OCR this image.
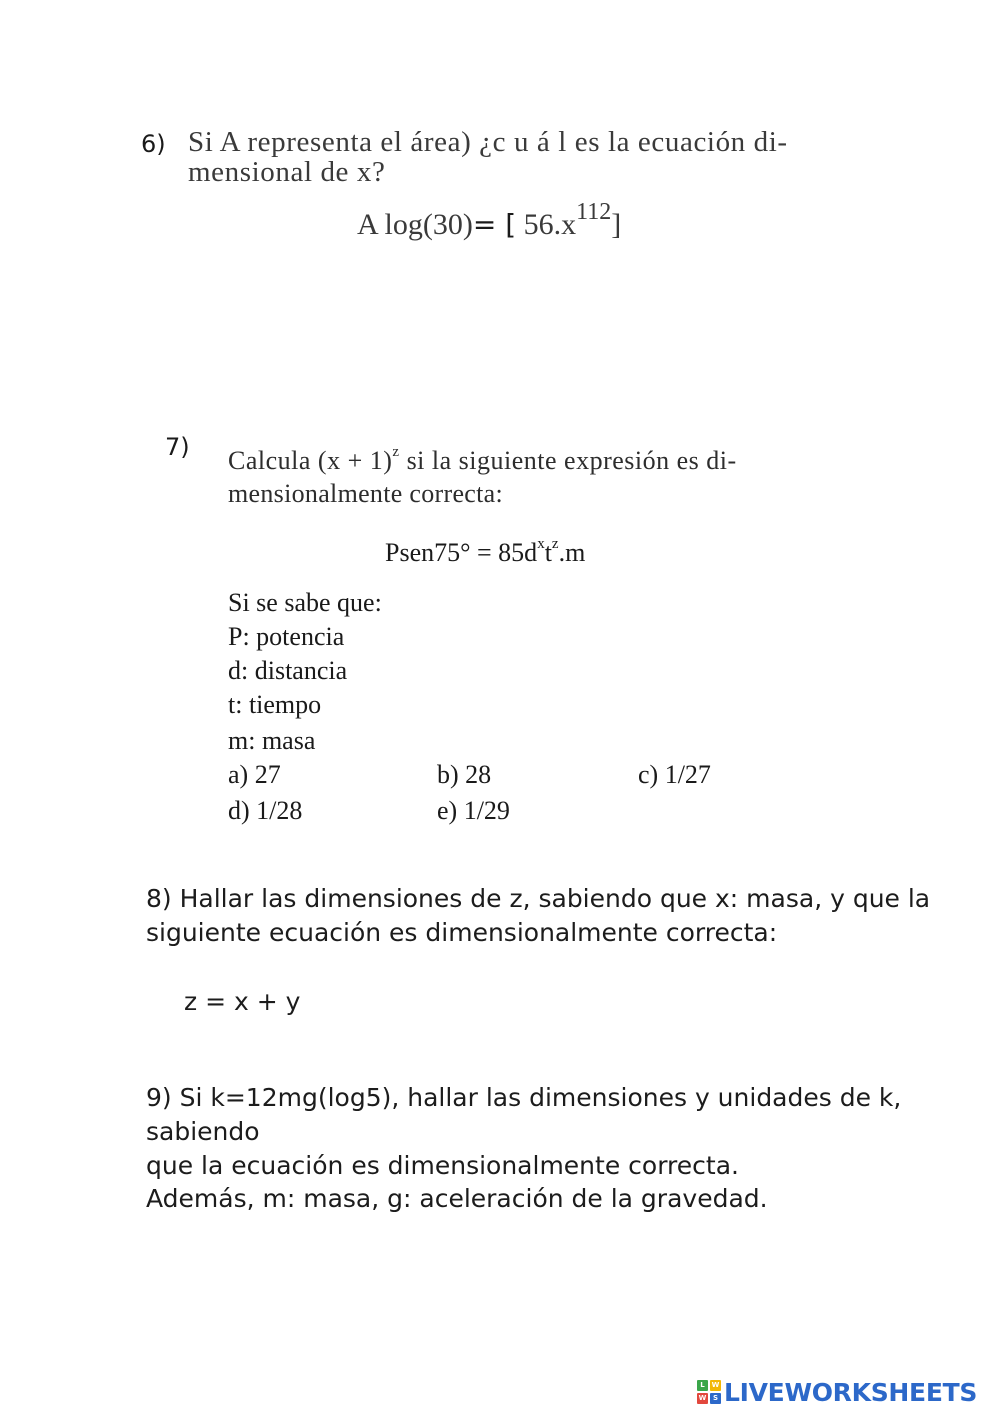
6) Si A representa el área) ¿c u á l es la ecuación di-
mensional de x?
A log(30)= [ $56.x^{112}$]
7) Calcula $(x + 1)^z$ si la siguiente expresión es di-
mensionalmente correcta:
Psen75° = $85d^xt^z.m$
Si se sabe que:
P: potencia
d: distancia
t: tiempo
m: masa
a) 27	b) 28	c) 1/27
d) 1/28	e) 1/29
8) Hallar las dimensiones de z, sabiendo que x: masa, y que la
siguiente ecuación es dimensionalmente correcta:
z = x + y
9) Si k=12mg(log5), hallar las dimensiones y unidades de k,
sabiendo
que la ecuación es dimensionalmente correcta.
Además, m: masa, g: aceleración de la gravedad.
L W
W S LIVEWORKSHEETS
